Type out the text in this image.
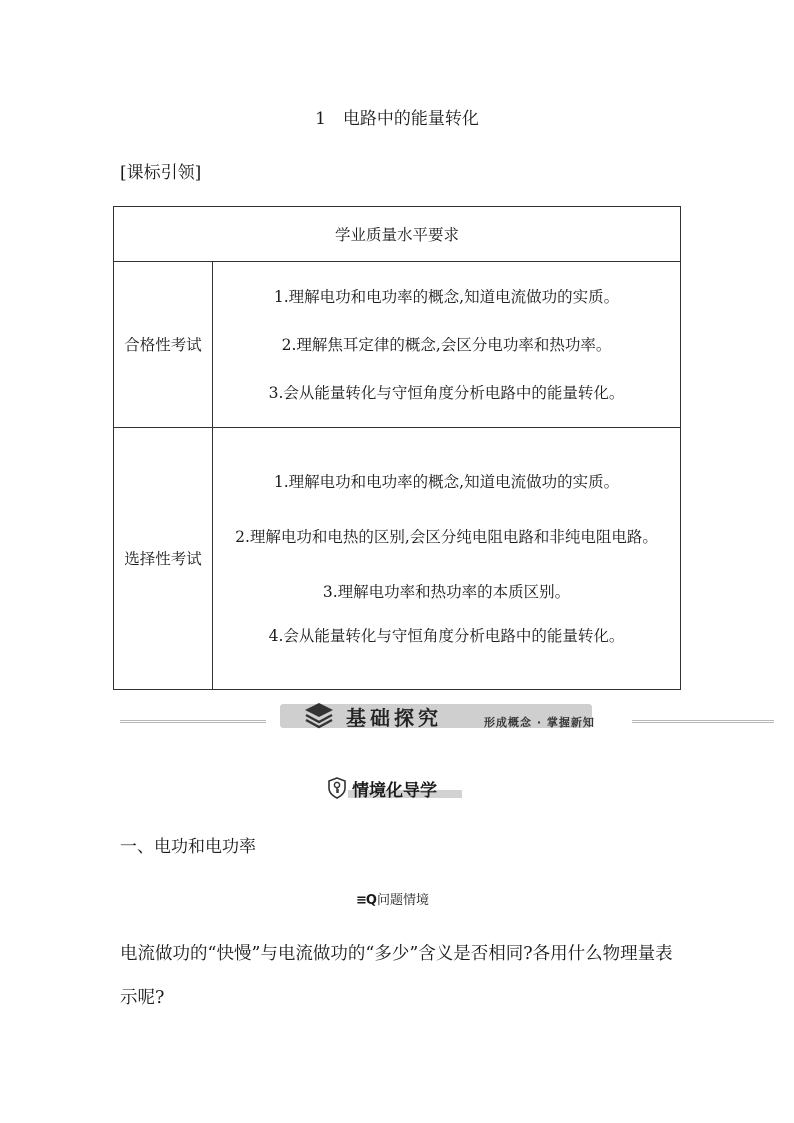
1　电路中的能量转化
[课标引领]
学业质量水平要求	

合格性考试	1.理解电功和电功率的概念,知道电流做功的实质。
2.理解焦耳定律的概念,会区分电功率和热功率。
3.会从能量转化与守恒角度分析电路中的能量转化。

选择性考试	1.理解电功和电功率的概念,知道电流做功的实质。
2.理解电功和电热的区别,会区分纯电阻电路和非纯电阻电路。
3.理解电功率和热功率的本质区别。
4.会从能量转化与守恒角度分析电路中的能量转化。
基础探究	形成概念 · 掌握新知
情境化导学
一、电功和电功率
≡Q问题情境
电流做功的“快慢”与电流做功的“多少”含义是否相同?各用什么物理量表示呢?
